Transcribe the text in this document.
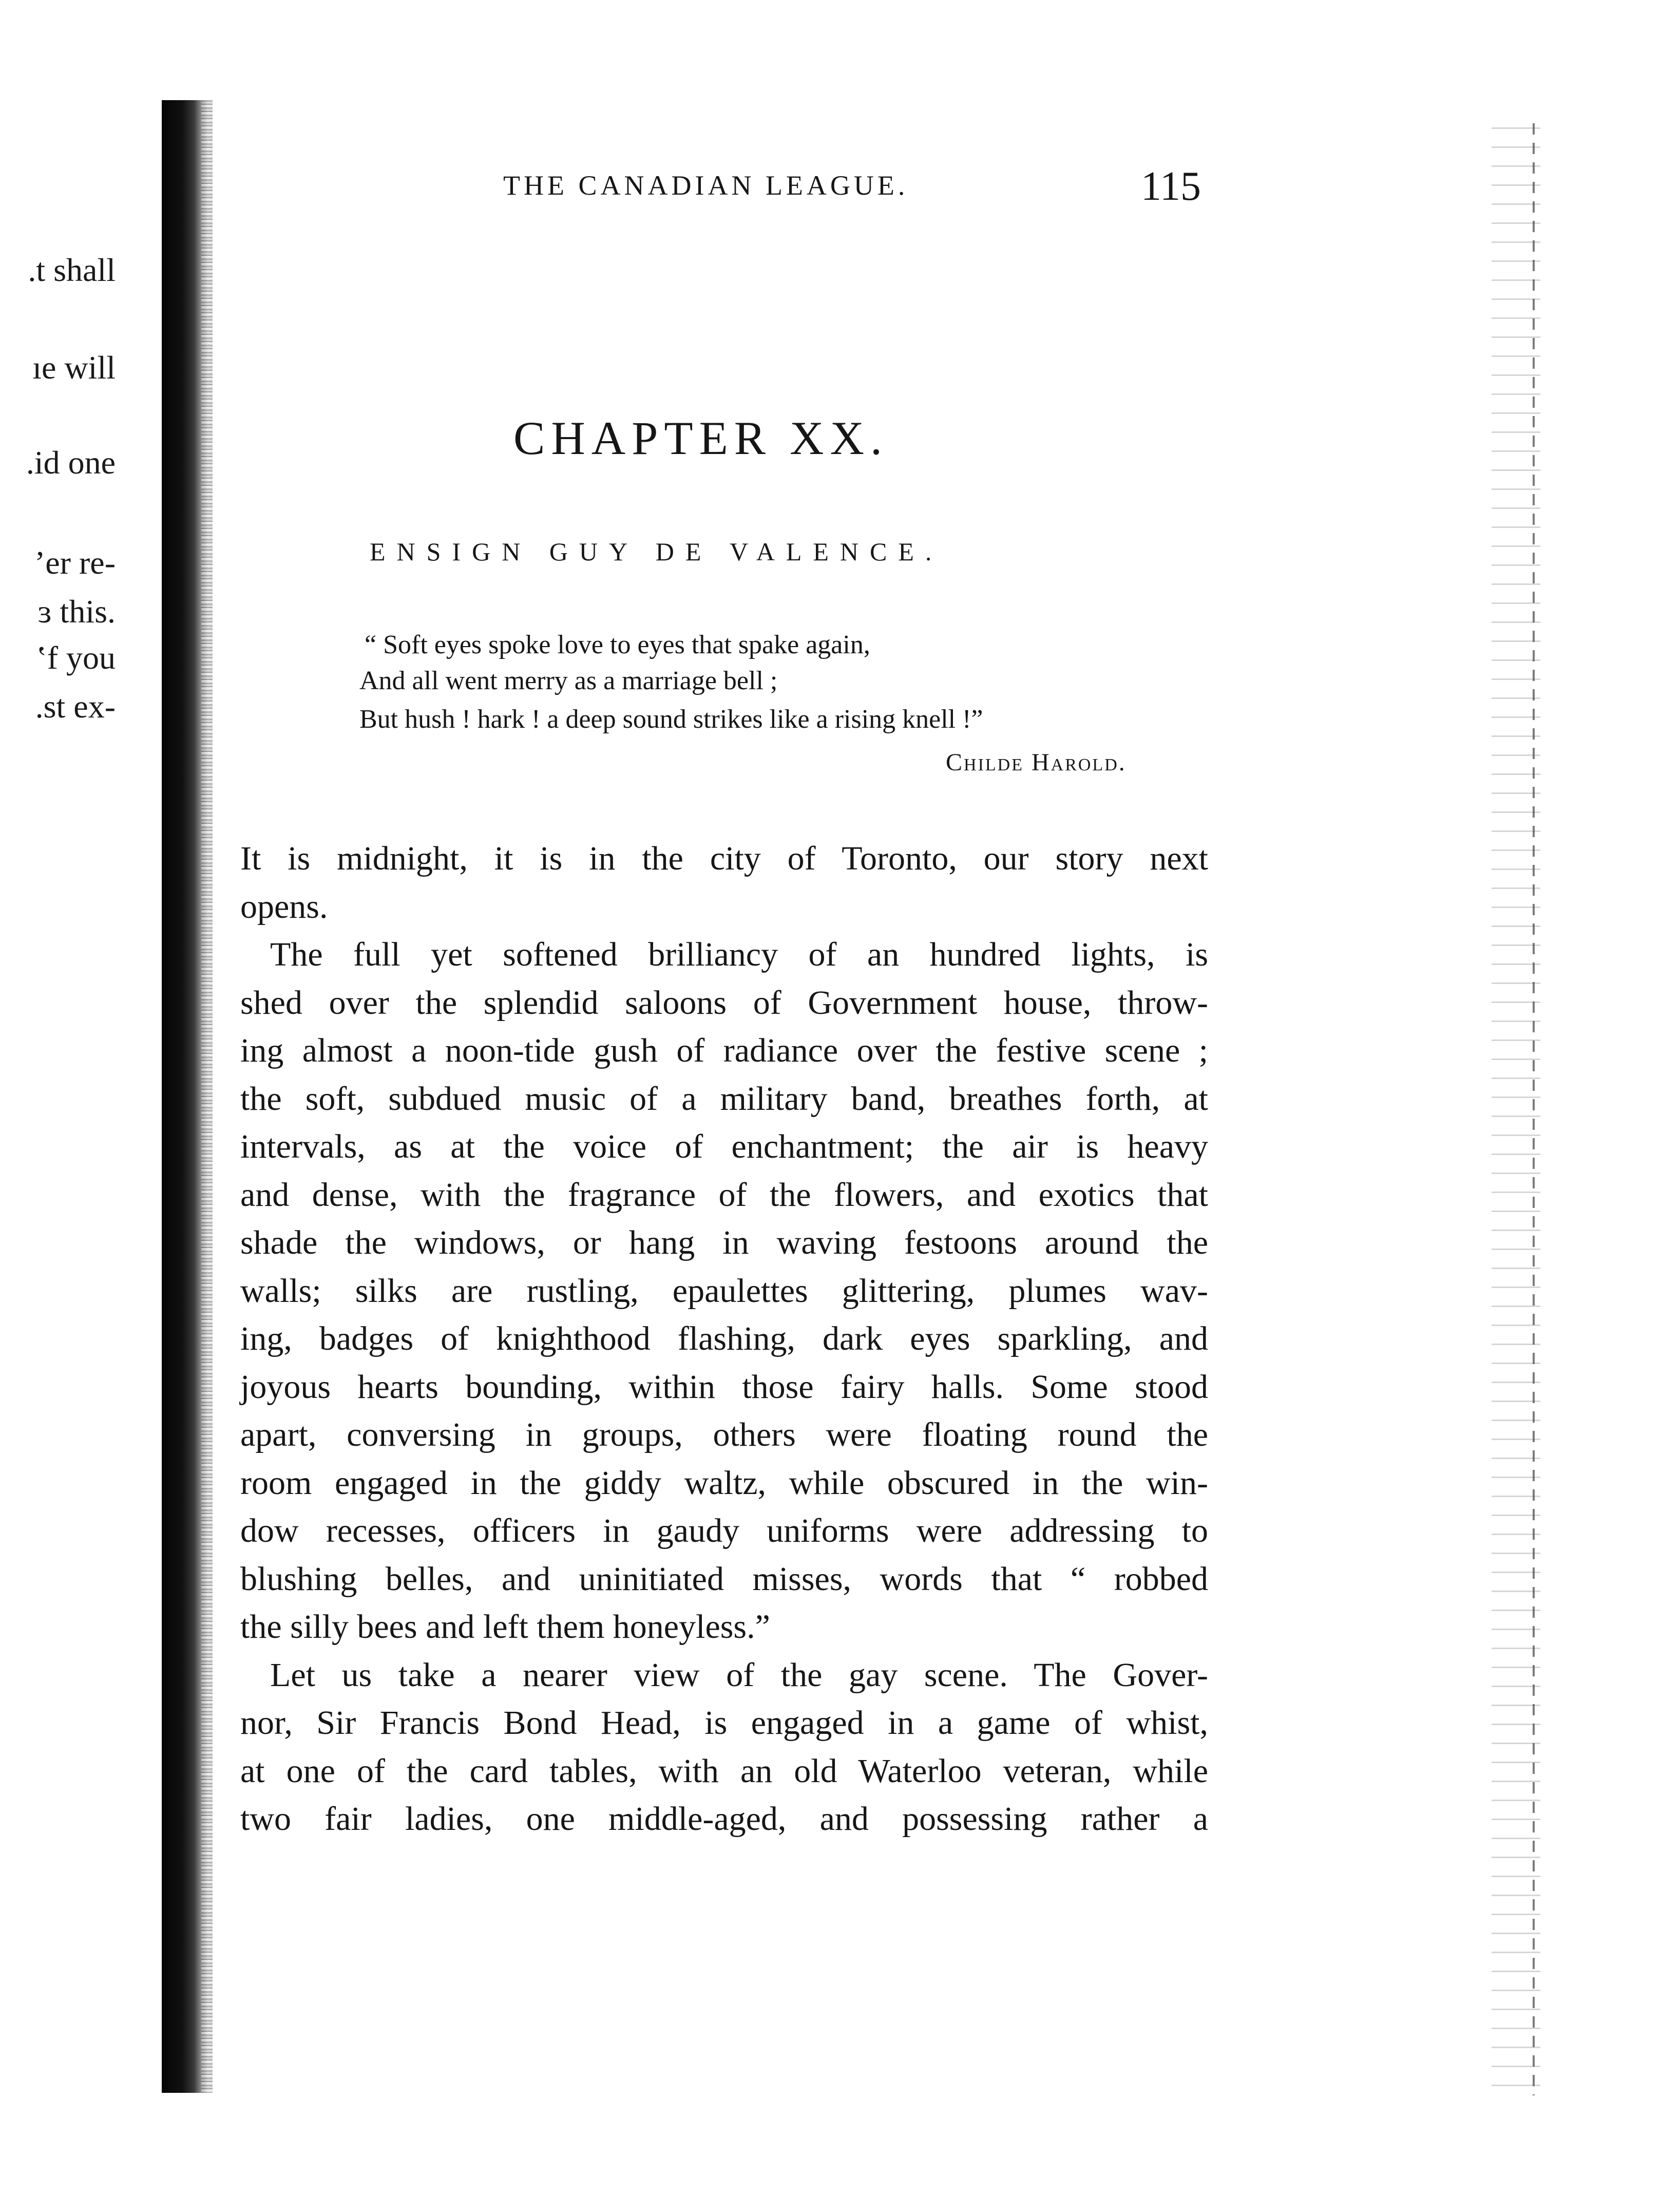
.t shall
ıe will
.id one
ʼer re-
ɜ this.
ʽf you
.st ex-
THE CANADIAN LEAGUE.	115
CHAPTER XX.
ENSIGN GUY DE VALENCE.
“ Soft eyes spoke love to eyes that spake again,
And all went merry as a marriage bell ;
But hush ! hark ! a deep sound strikes like a rising knell !”
Childe Harold.
It is midnight, it is in the city of Toronto, our story next
opens.
The full yet softened brilliancy of an hundred lights, is
shed over the splendid saloons of Government house, throw-
ing almost a noon-tide gush of radiance over the festive scene ;
the soft, subdued music of a military band, breathes forth, at
intervals, as at the voice of enchantment; the air is heavy
and dense, with the fragrance of the flowers, and exotics that
shade the windows, or hang in waving festoons around the
walls; silks are rustling, epaulettes glittering, plumes wav-
ing, badges of knighthood flashing, dark eyes sparkling, and
joyous hearts bounding, within those fairy halls. Some stood
apart, conversing in groups, others were floating round the
room engaged in the giddy waltz, while obscured in the win-
dow recesses, officers in gaudy uniforms were addressing to
blushing belles, and uninitiated misses, words that “ robbed
the silly bees and left them honeyless.”
Let us take a nearer view of the gay scene. The Gover-
nor, Sir Francis Bond Head, is engaged in a game of whist,
at one of the card tables, with an old Waterloo veteran, while
two fair ladies, one middle-aged, and possessing rather a
